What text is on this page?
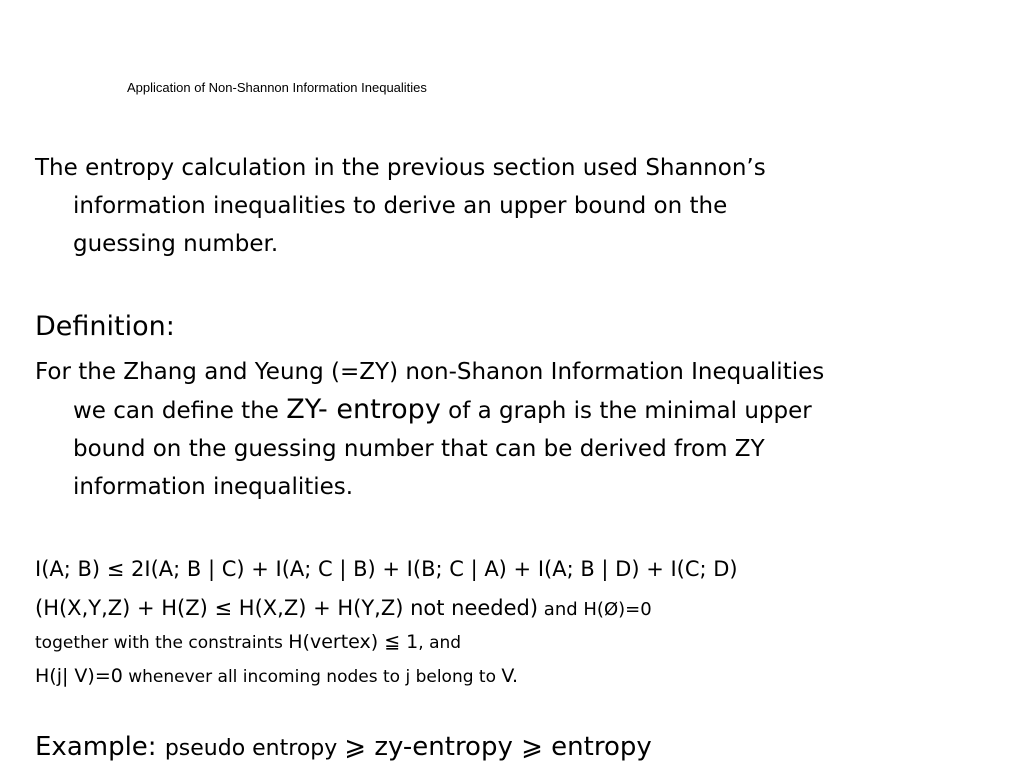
Application of Non-Shannon Information Inequalities
The entropy calculation in the previous section used Shannon’s
information inequalities to derive an upper bound on the
guessing number.
Definition:
For the Zhang and Yeung (=ZY) non-Shanon Information Inequalities
we can define the ZY- entropy of a graph is the minimal upper
bound on the guessing number that can be derived from ZY
information inequalities.
I(A; B) ≤ 2I(A; B | C) + I(A; C | B) + I(B; C | A) + I(A; B | D) + I(C; D)
(H(X,Y,Z) + H(Z) ≤ H(X,Z) + H(Y,Z) not needed) and H(Ø)=0
together with the constraints H(vertex) ≦ 1, and
H(j| V)=0 whenever all incoming nodes to j belong to V.
Example: pseudo entropy ⩾ zy-entropy ⩾ entropy
